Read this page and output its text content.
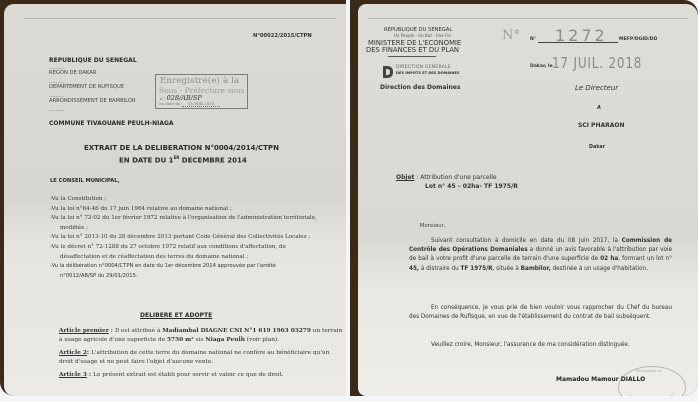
N°00022/2015/CTPN
REPUBLIQUE DU SENEGAL
………
REGON DE DAKAR
………
DEPARTEMENT DE RUFISQUE
………
ARRONDISSEMENT DE BAMBILOR
………
Enregistré(e) à la
Sous - Préfecture sous
n° 028/AB/SP
en date du 05 FEB 2015
COMMUNE TIVAOUANE PEULH-NIAGA
EXTRAIT DE LA DELIBERATION N°0004/2014/CTPN
EN DATE DU 1ER DECEMBRE 2014
LE CONSEIL MUNICIPAL,
-Vu la Constitution ;
-Vu la loi n°64-46 du 17 juin 1964 relative au domaine national ;
-Vu la loi n° 72-02 du 1er février 1972 relative à l'organisation de l'administration territoriale,
modifiée ;
-Vu la loi n° 2013-10 du 28 décembre 2013 portant Code Général des Collectivités Locales ;
-Vu le décret n° 72-1288 du 27 octobre 1972 relatif aux conditions d'affectation, de
désaffectation et de réaffectation des terres du domaine national ;
-Vu la délibération n°0004/CTPN en date du 1er décembre 2014 approuvée par l'arrêté
n°0012/AB/SP du 29/01/2015.
DELIBERE ET ADOPTE
Article premier : Il est attribué à Madiambal DIAGNE CNI N°1 619 1963 03279 un terrain
à usage agricole d'une superficie de 5750 m² sis Niaga Peulh (voir plan).
Article 2: L'attribution de cette terre du domaine national ne confère au bénéficiaire qu'un
droit d'usage et ne peut faire l'objet d'aucune vente.
Article 3 : Le présent extrait est établi pour servir et valoir ce que de droit.
REPUBLIQUE DU SENEGAL
Un Peuple - Un But - Une Foi
MINISTERE DE L'ECONOMIE
DES FINANCES ET DU PLAN
DIRECTION GENERALE
DES IMPOTS ET DES DOMAINES
Direction des Domaines
N° N° 1272 MEFP/DGID/DD
Dakar, le 17 JUIL. 2018
Le Directeur
A
SCI PHARAON
Dakar
Objet : Attribution d'une parcelle
Lot n° 45 – 02ha- TF 1975/R
Monsieur,
Suivant consultation à domicile en date du 08 juin 2017, la Commission de Contrôle des Opérations Domaniales a donné un avis favorable à l'attribution par voie de bail à votre profit d'une parcelle de terrain d'une superficie de 02 ha, formant un lot n° 45, à distraire du TF 1975/R, située à Bambilor, destinée à un usage d'habitation.
En conséquence, je vous prie de bien vouloir vous rapprocher du Chef du bureau des Domaines de Rufisque, en vue de l'établissement du contrat de bail subséquent.
Veuillez croire, Monsieur, l'assurance de ma considération distinguée.
Economie et
Mamadou Mamour DIALLO
